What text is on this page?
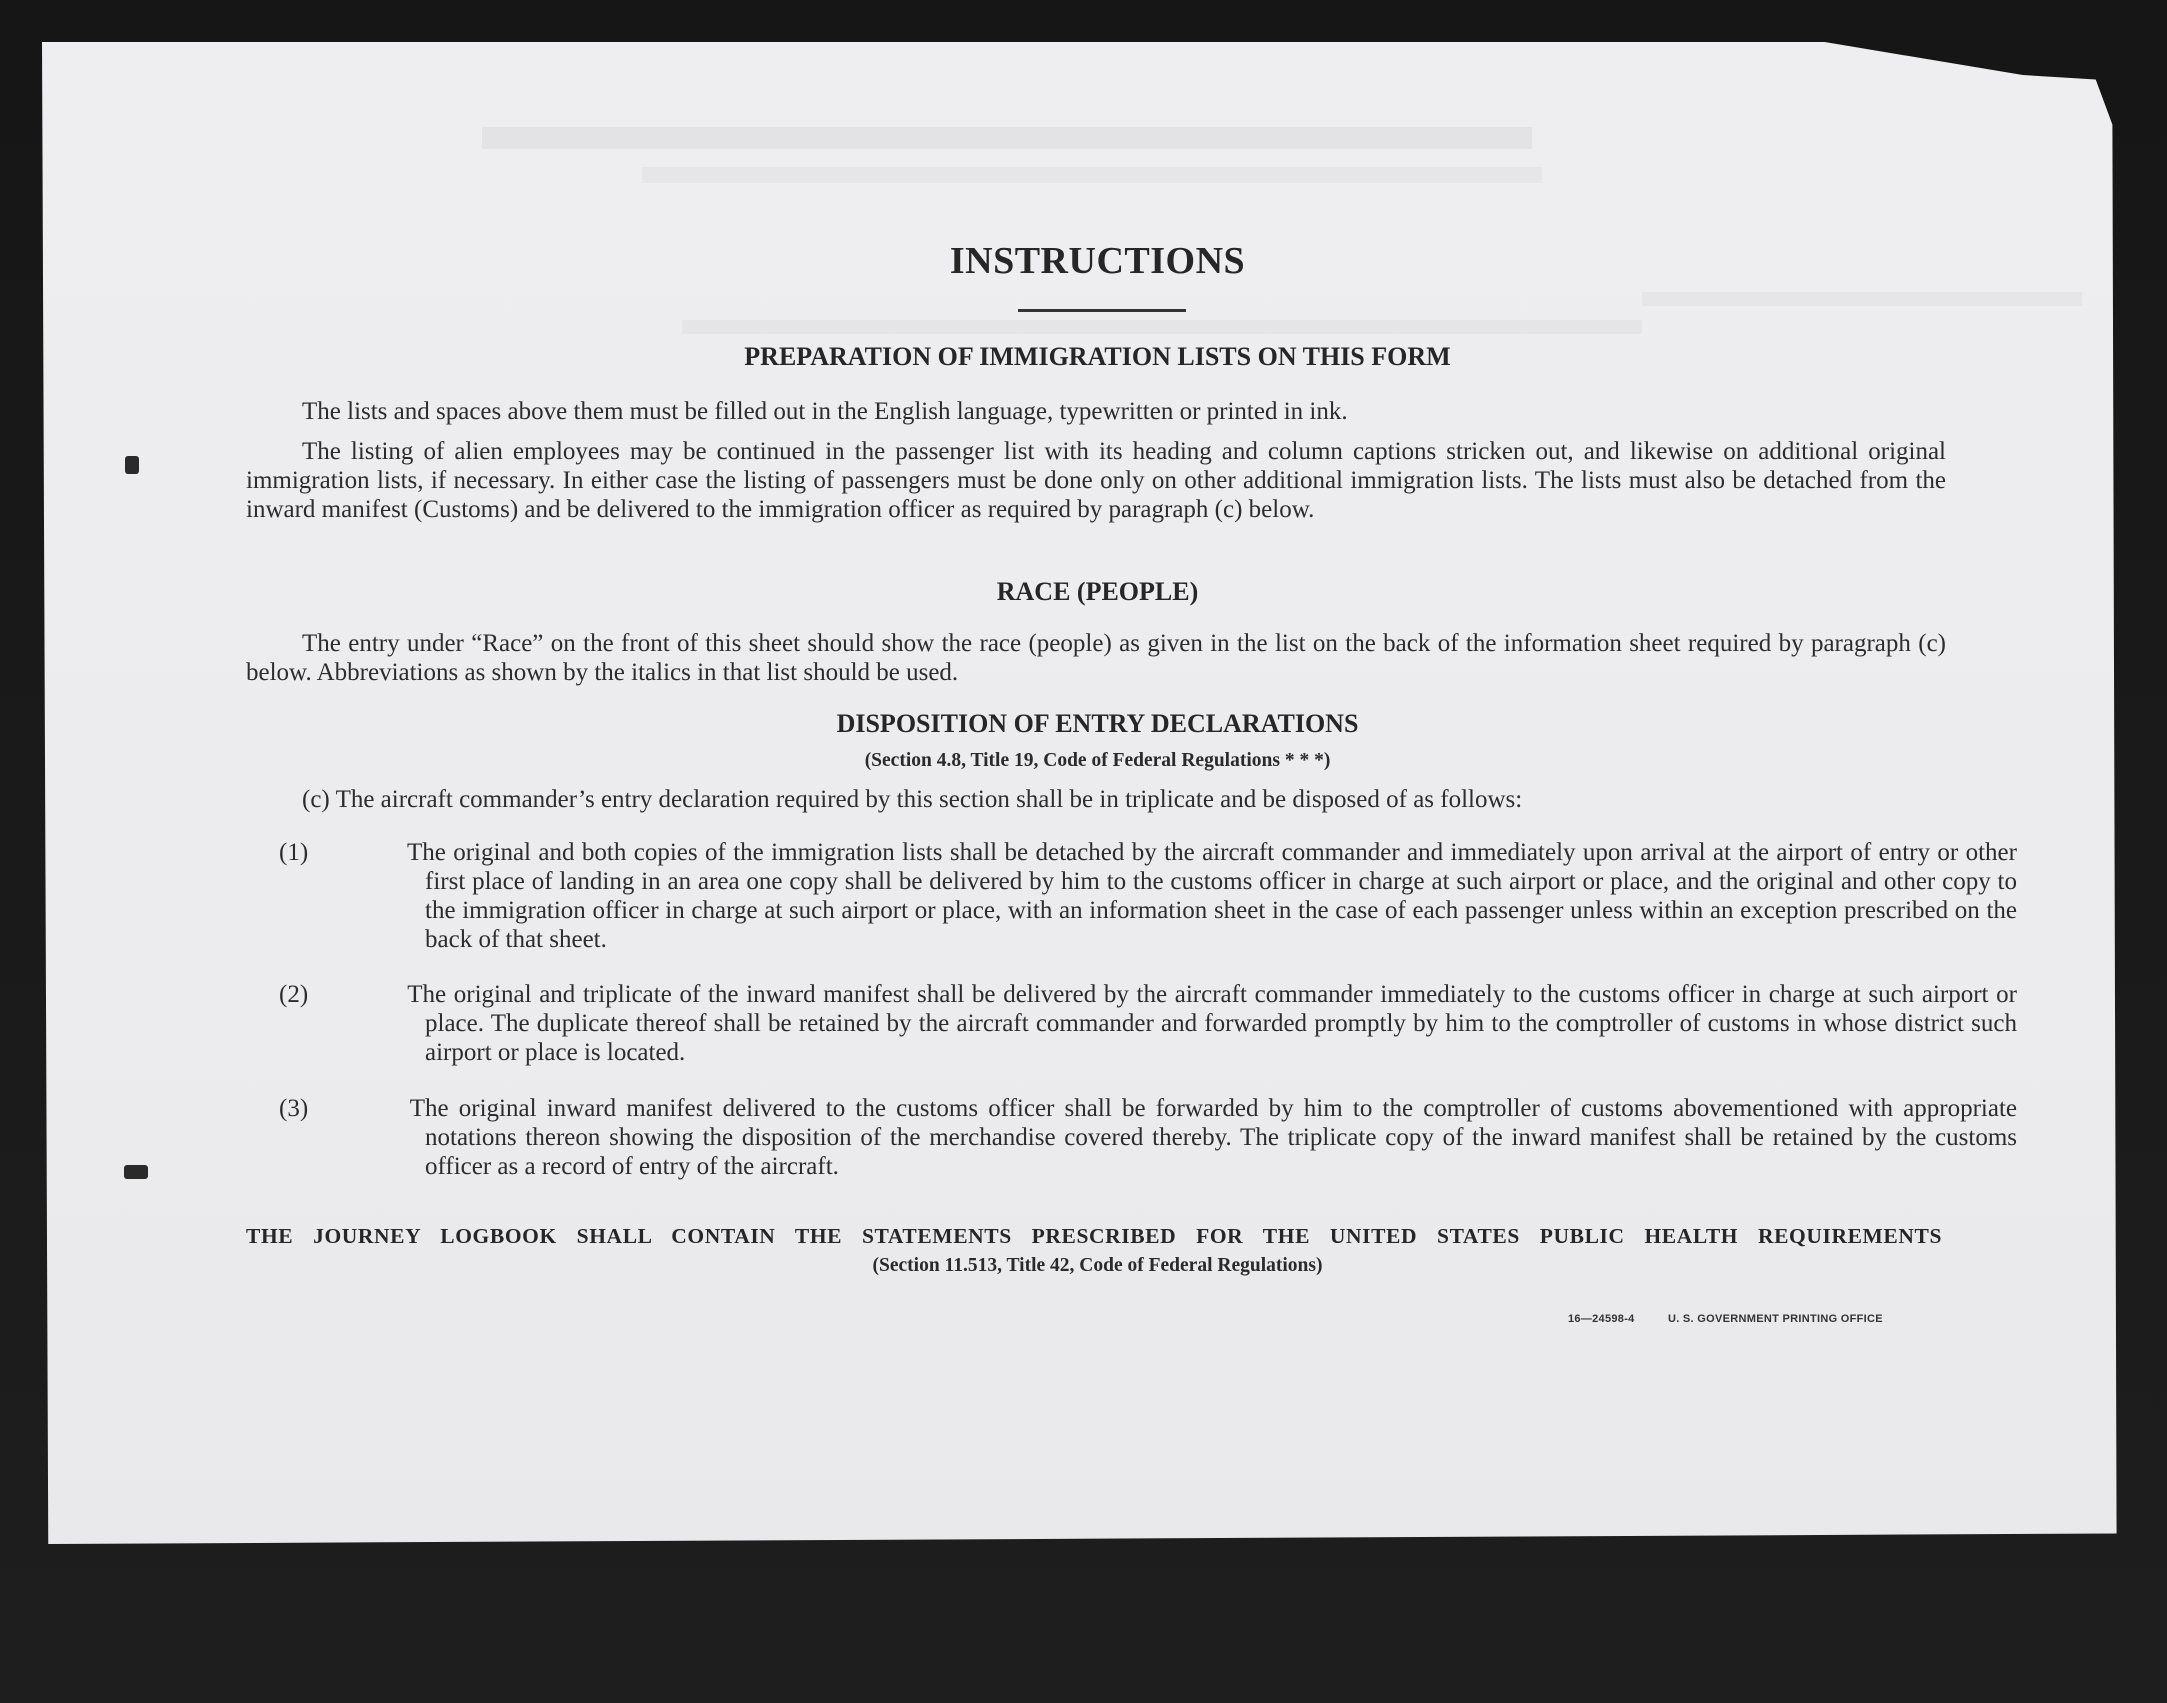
INSTRUCTIONS
PREPARATION OF IMMIGRATION LISTS ON THIS FORM
The lists and spaces above them must be filled out in the English language, typewritten or printed in ink.
The listing of alien employees may be continued in the passenger list with its heading and column captions stricken out, and likewise on additional original immigration lists, if necessary. In either case the listing of passengers must be done only on other additional immigration lists. The lists must also be detached from the inward manifest (Customs) and be delivered to the immigration officer as required by paragraph (c) below.
RACE (PEOPLE)
The entry under “Race” on the front of this sheet should show the race (people) as given in the list on the back of the information sheet required by paragraph (c) below. Abbreviations as shown by the italics in that list should be used.
DISPOSITION OF ENTRY DECLARATIONS
(Section 4.8, Title 19, Code of Federal Regulations * * *)
(c) The aircraft commander’s entry declaration required by this section shall be in triplicate and be disposed of as follows:
(1)	The original and both copies of the immigration lists shall be detached by the aircraft commander and immediately upon arrival at the airport of entry or other first place of landing in an area one copy shall be delivered by him to the customs officer in charge at such airport or place, and the original and other copy to the immigration officer in charge at such airport or place, with an information sheet in the case of each passenger unless within an exception prescribed on the back of that sheet.
(2)	The original and triplicate of the inward manifest shall be delivered by the aircraft commander immediately to the customs officer in charge at such airport or place. The duplicate thereof shall be retained by the aircraft commander and forwarded promptly by him to the comptroller of customs in whose district such airport or place is located.
(3)	The original inward manifest delivered to the customs officer shall be forwarded by him to the comptroller of customs abovementioned with appropriate notations thereon showing the disposition of the merchandise covered thereby. The triplicate copy of the inward manifest shall be retained by the customs officer as a record of entry of the aircraft.
THE JOURNEY LOGBOOK SHALL CONTAIN THE STATEMENTS PRESCRIBED FOR THE UNITED STATES PUBLIC HEALTH REQUIREMENTS
(Section 11.513, Title 42, Code of Federal Regulations)
16—24598-4	U. S. GOVERNMENT PRINTING OFFICE
